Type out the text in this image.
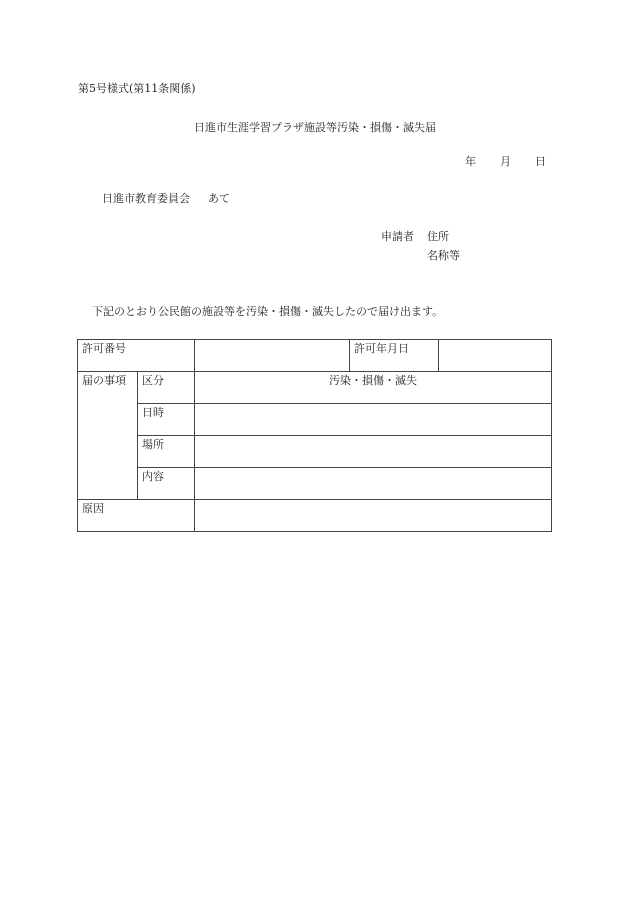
第5号様式(第11条関係)
日進市生涯学習プラザ施設等汚染・損傷・滅失届
年 月 日
日進市教育委員会 あて
申請者 住所
名称等
下記のとおり公民館の施設等を汚染・損傷・滅失したので届け出ます。
許可番号			許可年月日	
届の事項	区分	汚染・損傷・滅失		
	日時			
	場所			
	内容			
原因				
